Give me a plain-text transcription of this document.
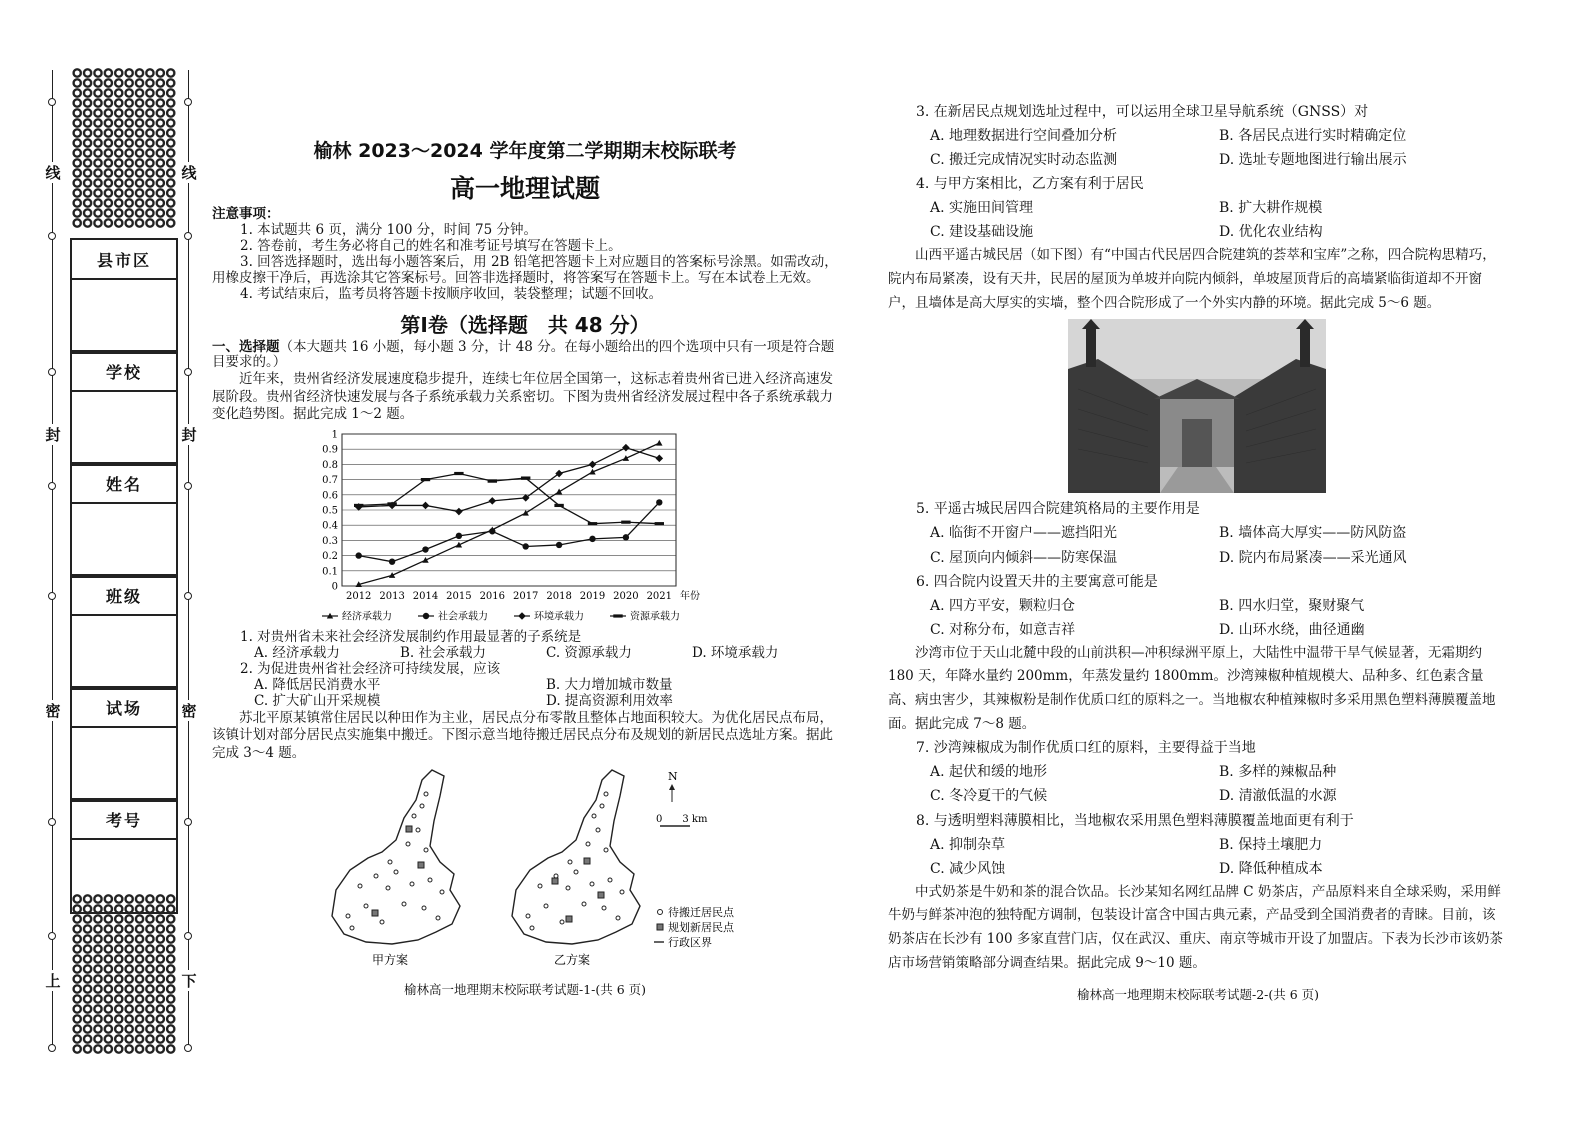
线	线
封	封
密	密
上	下
县市区
学校
姓名
班级
试场
考号
榆林 2023～2024 学年度第二学期期末校际联考
高一地理试题
注意事项：
1. 本试题共 6 页，满分 100 分，时间 75 分钟。
2. 答卷前，考生务必将自己的姓名和准考证号填写在答题卡上。
3. 回答选择题时，选出每小题答案后，用 2B 铅笔把答题卡上对应题目的答案标号涂黑。如需改动，用橡皮擦干净后，再选涂其它答案标号。回答非选择题时，将答案写在答题卡上。写在本试卷上无效。
4. 考试结束后，监考员将答题卡按顺序收回，装袋整理；试题不回收。
第Ⅰ卷（选择题　共 48 分）
一、选择题（本大题共 16 小题，每小题 3 分，计 48 分。在每小题给出的四个选项中只有一项是符合题目要求的。）
近年来，贵州省经济发展速度稳步提升，连续七年位居全国第一，这标志着贵州省已进入经济高速发展阶段。贵州省经济快速发展与各子系统承载力关系密切。下图为贵州省经济发展过程中各子系统承载力变化趋势图。据此完成 1～2 题。
0
0.1
0.2
0.3
0.4
0.5
0.6
0.7
0.8
0.9
1
2012 2013 2014 2015 2016 2017 2018 2019 2020 2021 年份
经济承载力	社会承载力	环境承载力	资源承载力
1. 对贵州省未来社会经济发展制约作用最显著的子系统是
A. 经济承载力	B. 社会承载力	C. 资源承载力	D. 环境承载力
2. 为促进贵州省社会经济可持续发展，应该
A. 降低居民消费水平	B. 大力增加城市数量
C. 扩大矿山开采规模	D. 提高资源利用效率
苏北平原某镇常住居民以种田作为主业，居民点分布零散且整体占地面积较大。为优化居民点布局，该镇计划对部分居民点实施集中搬迁。下图示意当地待搬迁居民点分布及规划的新居民点选址方案。据此完成 3～4 题。
甲方案	乙方案
N
0　　3 km
待搬迁居民点
规划新居民点
行政区界
榆林高一地理期末校际联考试题-1-(共 6 页)
3. 在新居民点规划选址过程中，可以运用全球卫星导航系统（GNSS）对
A. 地理数据进行空间叠加分析	B. 各居民点进行实时精确定位
C. 搬迁完成情况实时动态监测	D. 选址专题地图进行输出展示
4. 与甲方案相比，乙方案有利于居民
A. 实施田间管理	B. 扩大耕作规模
C. 建设基础设施	D. 优化农业结构
山西平遥古城民居（如下图）有“中国古代民居四合院建筑的荟萃和宝库”之称，四合院构思精巧，院内布局紧凑，设有天井，民居的屋顶为单坡并向院内倾斜，单坡屋顶背后的高墙紧临街道却不开窗户，且墙体是高大厚实的实墙，整个四合院形成了一个外实内静的环境。据此完成 5～6 题。
5. 平遥古城民居四合院建筑格局的主要作用是
A. 临街不开窗户——遮挡阳光	B. 墙体高大厚实——防风防盗
C. 屋顶向内倾斜——防寒保温	D. 院内布局紧凑——采光通风
6. 四合院内设置天井的主要寓意可能是
A. 四方平安，颗粒归仓	B. 四水归堂，聚财聚气
C. 对称分布，如意吉祥	D. 山环水绕，曲径通幽
沙湾市位于天山北麓中段的山前洪积—冲积绿洲平原上，大陆性中温带干旱气候显著，无霜期约 180 天，年降水量约 200mm，年蒸发量约 1800mm。沙湾辣椒种植规模大、品种多、红色素含量高、病虫害少，其辣椒粉是制作优质口红的原料之一。当地椒农种植辣椒时多采用黑色塑料薄膜覆盖地面。据此完成 7～8 题。
7. 沙湾辣椒成为制作优质口红的原料，主要得益于当地
A. 起伏和缓的地形	B. 多样的辣椒品种
C. 冬冷夏干的气候	D. 清澈低温的水源
8. 与透明塑料薄膜相比，当地椒农采用黑色塑料薄膜覆盖地面更有利于
A. 抑制杂草	B. 保持土壤肥力
C. 减少风蚀	D. 降低种植成本
中式奶茶是牛奶和茶的混合饮品。长沙某知名网红品牌 C 奶茶店，产品原料来自全球采购，采用鲜牛奶与鲜茶冲泡的独特配方调制，包装设计富含中国古典元素，产品受到全国消费者的青睐。目前，该奶茶店在长沙有 100 多家直营门店，仅在武汉、重庆、南京等城市开设了加盟店。下表为长沙市该奶茶店市场营销策略部分调查结果。据此完成 9～10 题。
榆林高一地理期末校际联考试题-2-(共 6 页)
